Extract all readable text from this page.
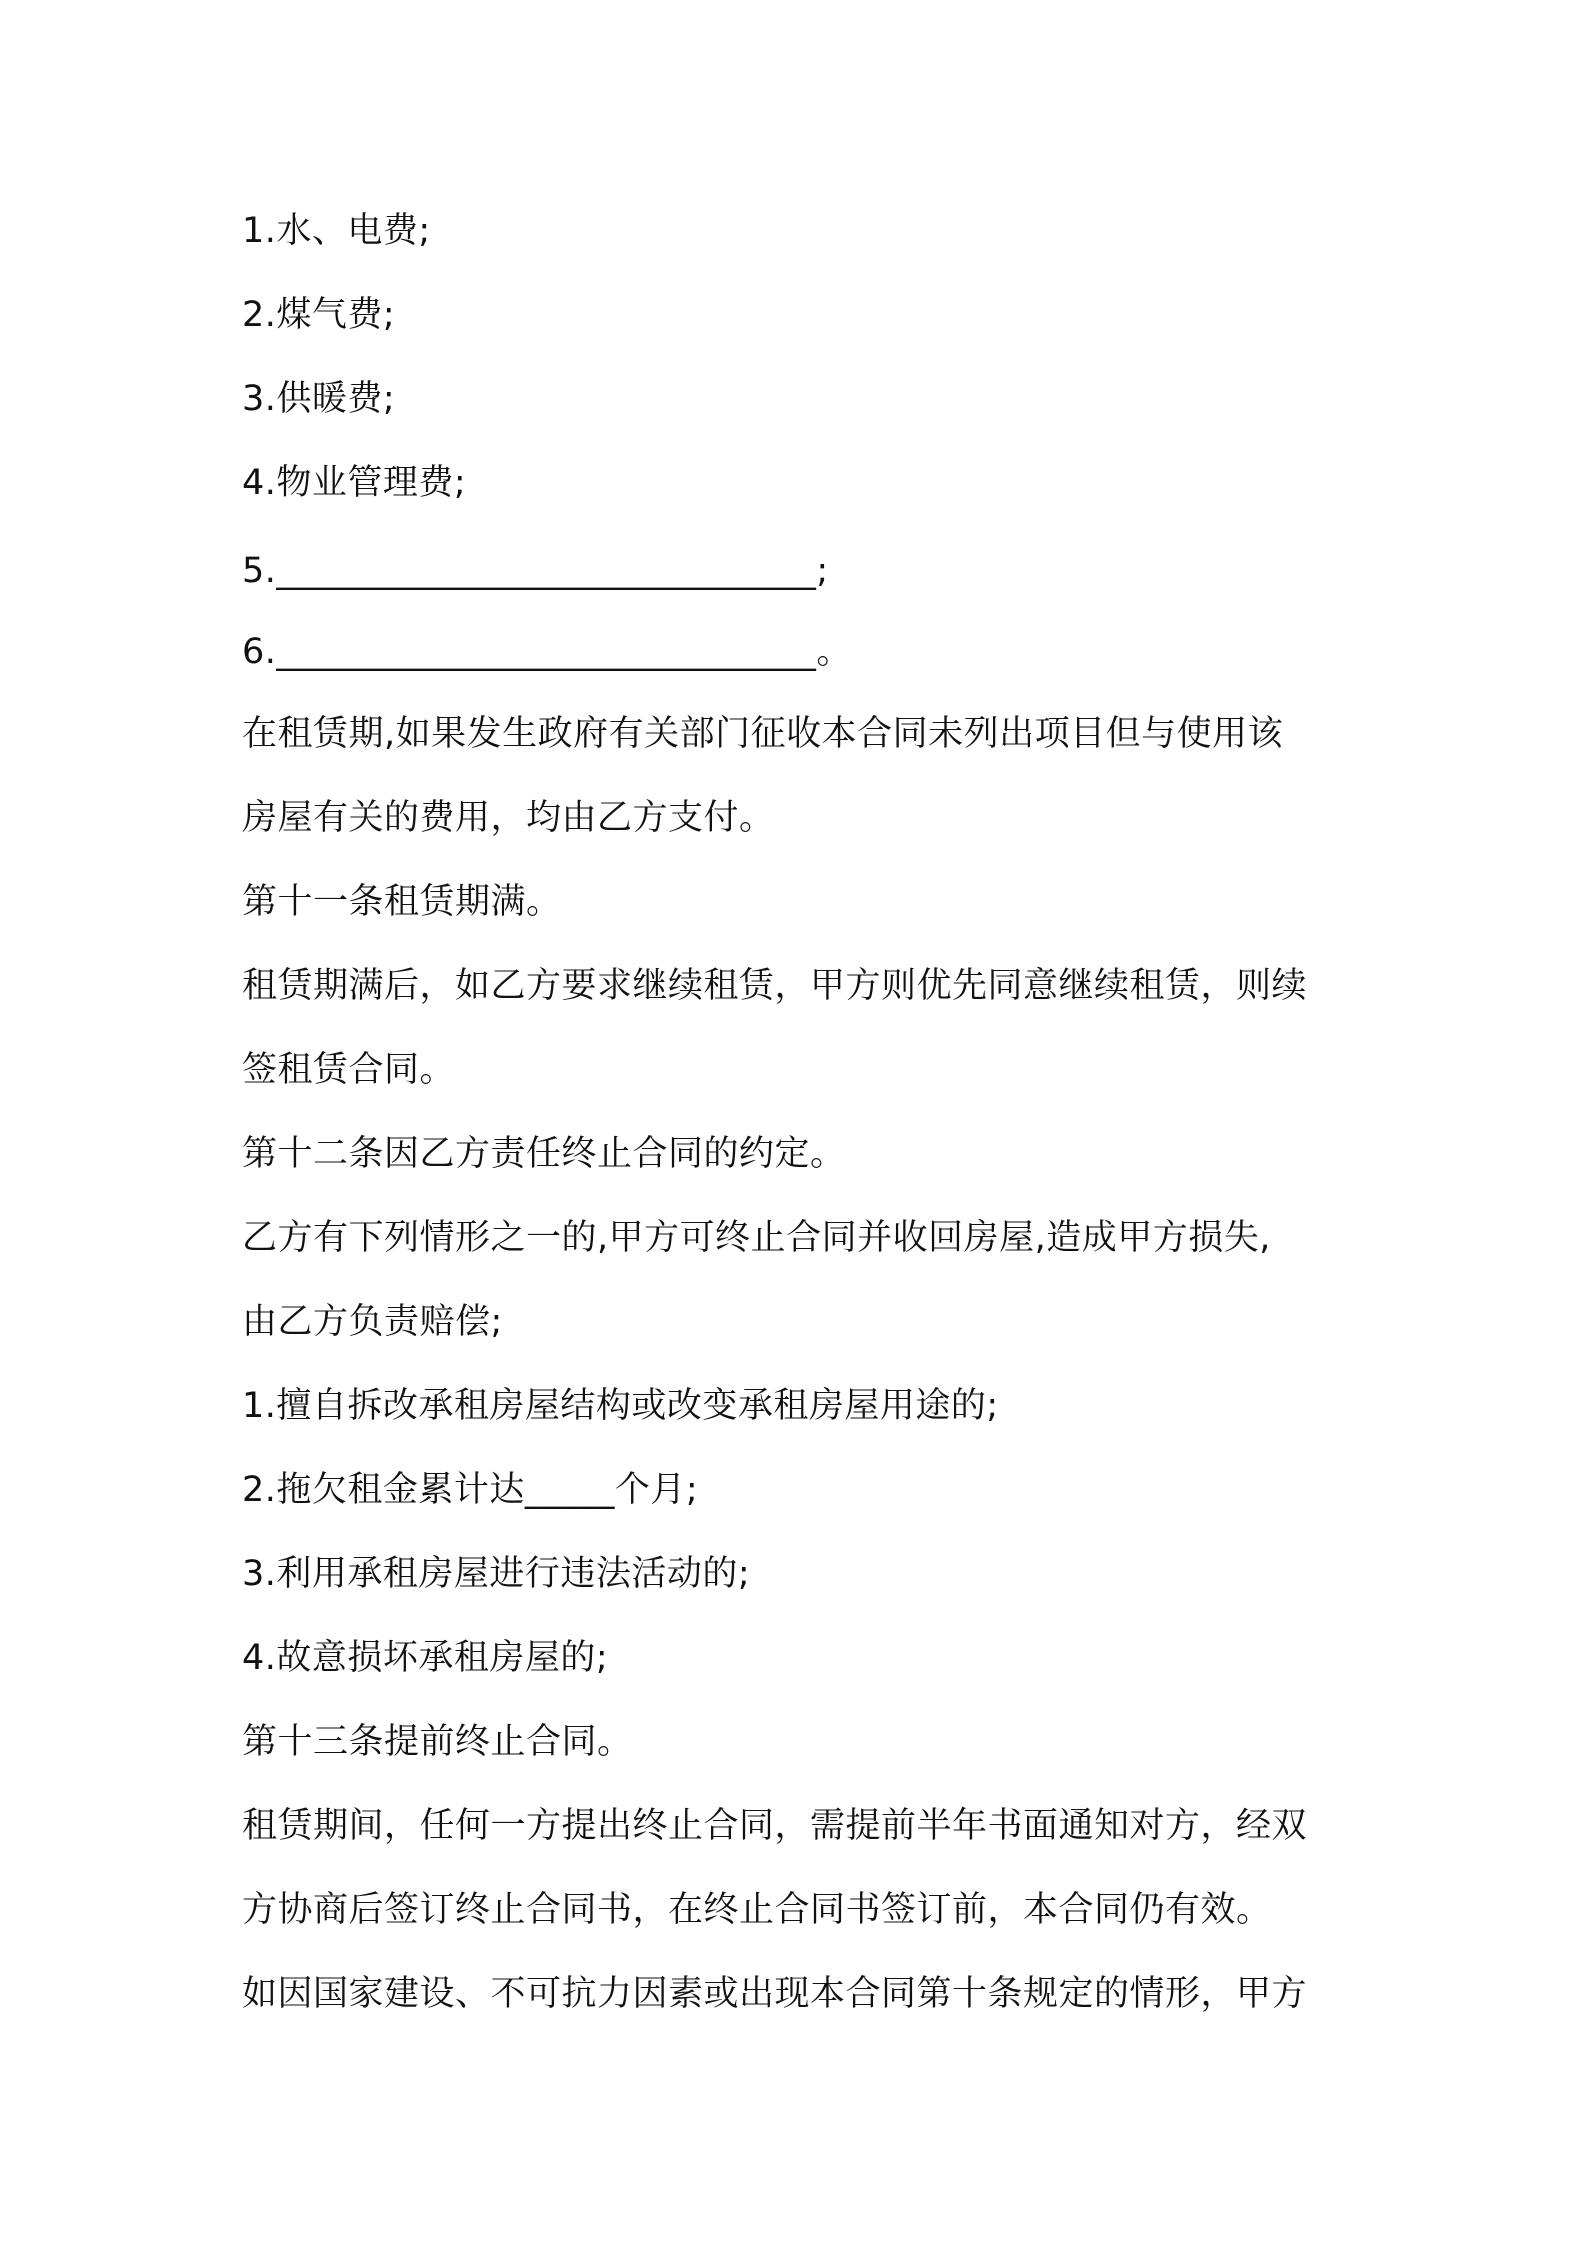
1.水、电费;
2.煤气费;
3.供暖费;
4.物业管理费;
5.______________________________;
6.______________________________。
在租赁期,如果发生政府有关部门征收本合同未列出项目但与使用该
房屋有关的费用，均由乙方支付。
第十一条租赁期满。
租赁期满后，如乙方要求继续租赁，甲方则优先同意继续租赁，则续
签租赁合同。
第十二条因乙方责任终止合同的约定。
乙方有下列情形之一的,甲方可终止合同并收回房屋,造成甲方损失,
由乙方负责赔偿;
1.擅自拆改承租房屋结构或改变承租房屋用途的;
2.拖欠租金累计达_____个月;
3.利用承租房屋进行违法活动的;
4.故意损坏承租房屋的;
第十三条提前终止合同。
租赁期间，任何一方提出终止合同，需提前半年书面通知对方，经双
方协商后签订终止合同书，在终止合同书签订前，本合同仍有效。
如因国家建设、不可抗力因素或出现本合同第十条规定的情形，甲方
